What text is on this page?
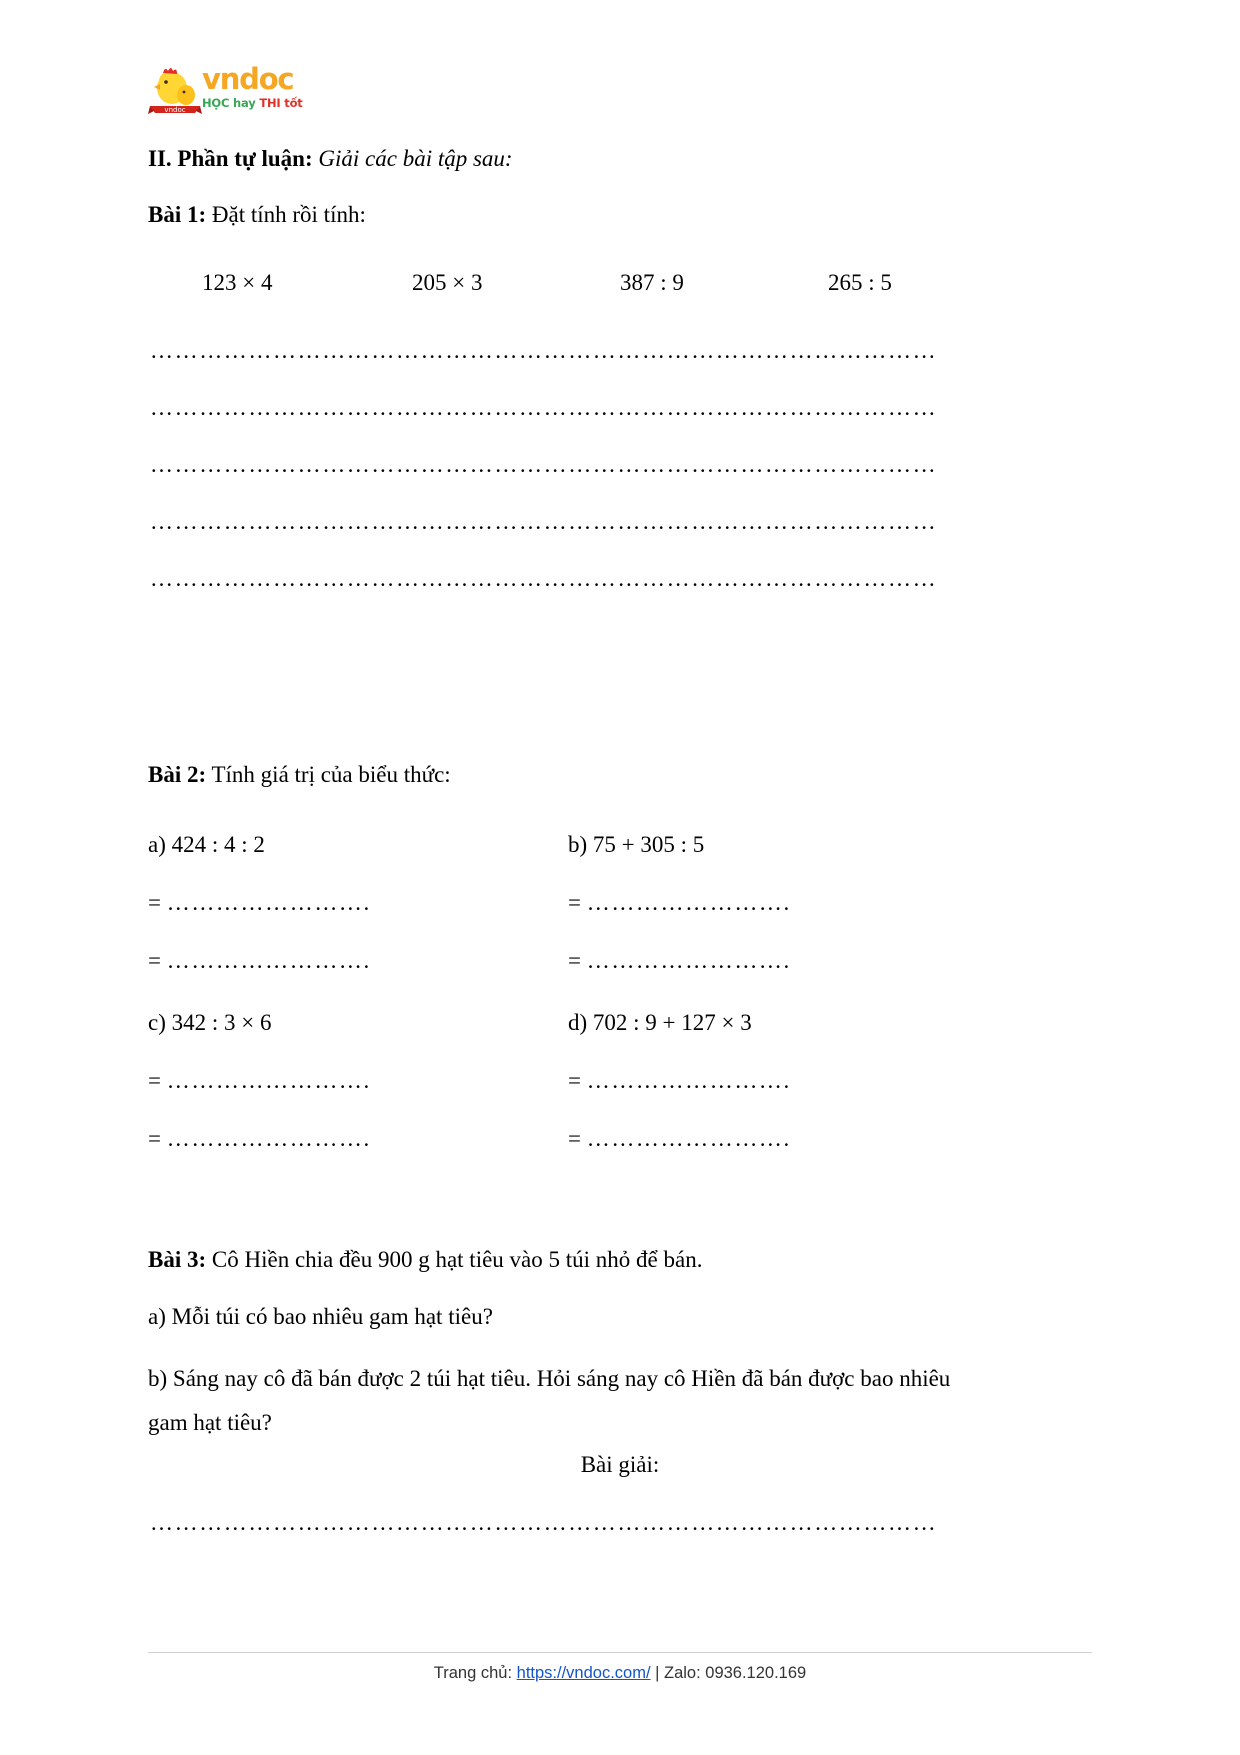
vndoc
vndoc
HỌC hay THI tốt
II. Phần tự luận: Giải các bài tập sau:
Bài 1: Đặt tính rồi tính:
123 × 4	205 × 3	387 : 9	265 : 5
……………………………………………………………………………………
……………………………………………………………………………………
……………………………………………………………………………………
……………………………………………………………………………………
……………………………………………………………………………………
Bài 2: Tính giá trị của biểu thức:
a) 424 : 4 : 2	b) 75 + 305 : 5
= …………………….	= …………………….
= …………………….	= …………………….
c) 342 : 3 × 6	d) 702 : 9 + 127 × 3
= …………………….	= …………………….
= …………………….	= …………………….
Bài 3: Cô Hiền chia đều 900 g hạt tiêu vào 5 túi nhỏ để bán.
a) Mỗi túi có bao nhiêu gam hạt tiêu?
b) Sáng nay cô đã bán được 2 túi hạt tiêu. Hỏi sáng nay cô Hiền đã bán được bao nhiêu gam hạt tiêu?
Bài giải:
……………………………………………………………………………………
Trang chủ: https://vndoc.com/ | Zalo: 0936.120.169
